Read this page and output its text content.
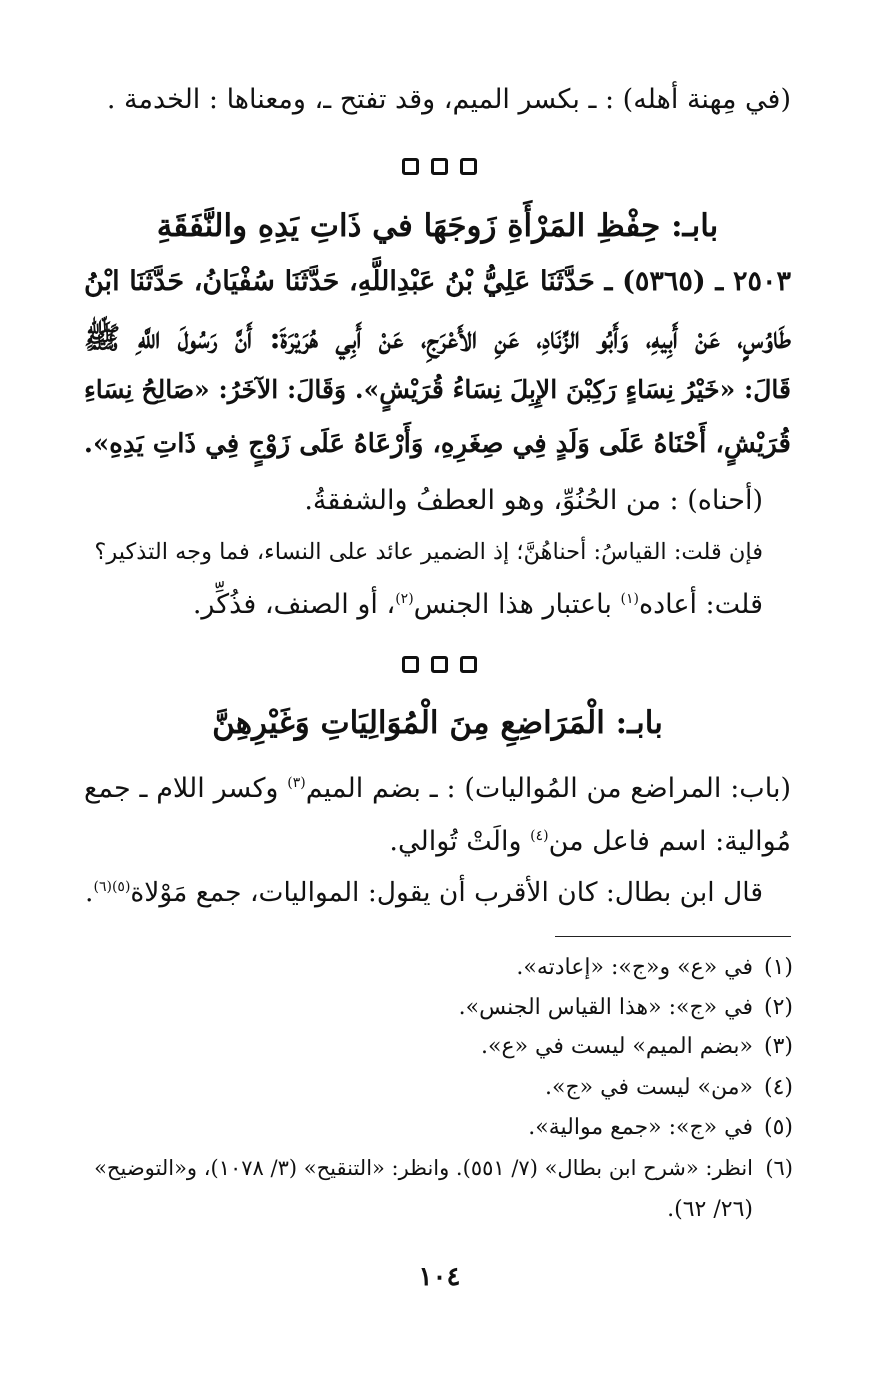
(في مِهنة أهله) : ـ بكسر الميم، وقد تفتح ـ، ومعناها : الخدمة .
بابـ: حِفْظِ المَرْأَةِ زَوجَهَا في ذَاتِ يَدِهِ والنَّفَقَةِ
٢٥٠٣ ـ (٥٣٦٥) ـ حَدَّثَنَا عَلِيُّ بْنُ عَبْدِاللَّهِ، حَدَّثَنَا سُفْيَانُ، حَدَّثَنَا ابْنُ
طَاوُسٍ، عَنْ أَبِيهِ، وَأَبُو الزِّنَادِ، عَنِ الأَعْرَجِ، عَنْ أَبِي هُرَيْرَةَ: أَنَّ رَسُولَ اللَّهِ ﷺ
قَالَ: «خَيْرُ نِسَاءٍ رَكِبْنَ الإِبِلَ نِسَاءُ قُرَيْشٍ». وَقَالَ: الآخَرُ: «صَالِحُ نِسَاءِ
قُرَيْشٍ، أَحْنَاهُ عَلَى وَلَدٍ فِي صِغَرِهِ، وَأَرْعَاهُ عَلَى زَوْجٍ فِي ذَاتِ يَدِهِ».
(أحناه) : من الحُنُوِّ، وهو العطفُ والشفقةُ.
فإن قلت: القياسُ: أحناهُنَّ؛ إذ الضمير عائد على النساء، فما وجه التذكير؟
قلت: أعاده$^{(١)}$ باعتبار هذا الجنس$^{(٢)}$، أو الصنف، فذُكِّر.
بابـ: الْمَرَاضِعِ مِنَ الْمُوَالِيَاتِ وَغَيْرِهِنَّ
(باب: المراضع من المُواليات) : ـ بضم الميم$^{(٣)}$ وكسر اللام ـ جمع
مُوالية: اسم فاعل من$^{(٤)}$ والَتْ تُوالي.
قال ابن بطال: كان الأقرب أن يقول: المواليات، جمع مَوْلاة$^{(٥)(٦)}$.
(١)في «ع» و«ج»: «إعادته».
(٢)في «ج»: «هذا القياس الجنس».
(٣)«بضم الميم» ليست في «ع».
(٤)«من» ليست في «ج».
(٥)في «ج»: «جمع موالية».
(٦)انظر: «شرح ابن بطال» (٧/ ٥٥١). وانظر: «التنقيح» (٣/ ١٠٧٨)، و«التوضيح»
(٢٦/ ٦٢).
١٠٤
